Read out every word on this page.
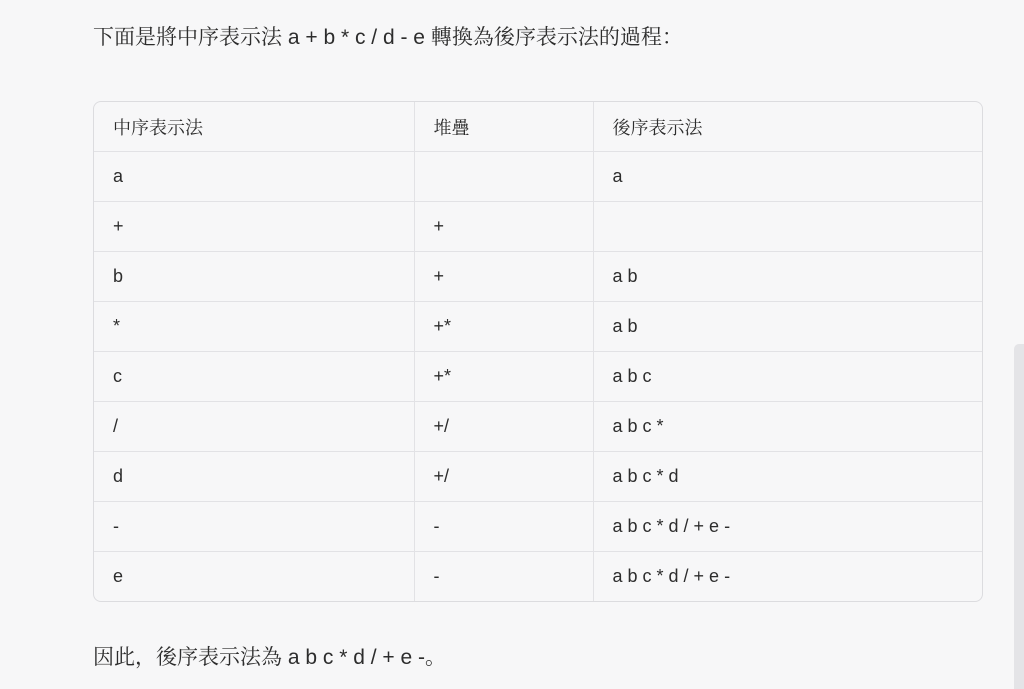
下面是將中序表示法 a + b * c / d - e 轉換為後序表示法的過程：
中序表示法	堆疊	後序表示法
a		a
+	+	
b	+	a b
*	+*	a b
c	+*	a b c
/	+/	a b c *
d	+/	a b c * d
-	-	a b c * d / + e -
e	-	a b c * d / + e -
因此，後序表示法為 a b c * d / + e -。
